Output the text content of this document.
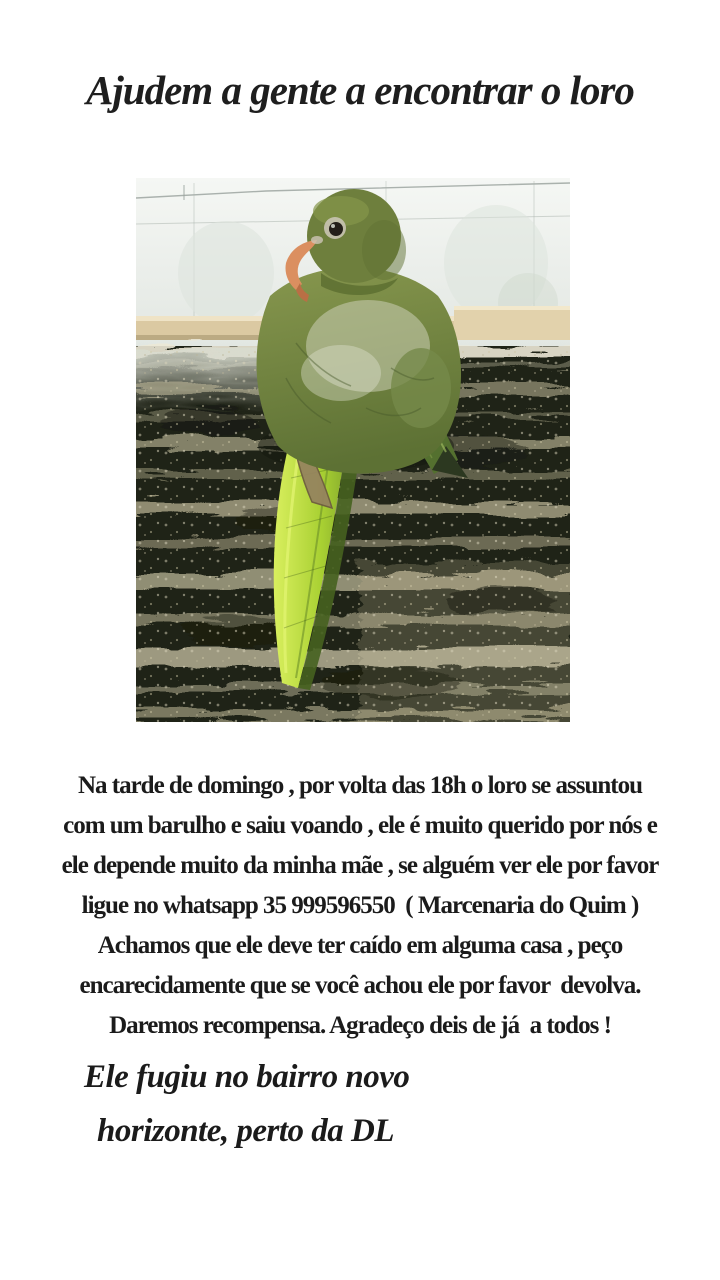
Ajudem a gente a encontrar o loro
Na tarde de domingo , por volta das 18h o loro se assuntou
com um barulho e saiu voando , ele é muito querido por nós e
ele depende muito da minha mãe , se alguém ver ele por favor
ligue no whatsapp 35 999596550  ( Marcenaria do Quim )
Achamos que ele deve ter caído em alguma casa , peço
encarecidamente que se você achou ele por favor  devolva.
Daremos recompensa. Agradeço deis de já  a todos !
Ele fugiu no bairro novo
horizonte, perto da DL
